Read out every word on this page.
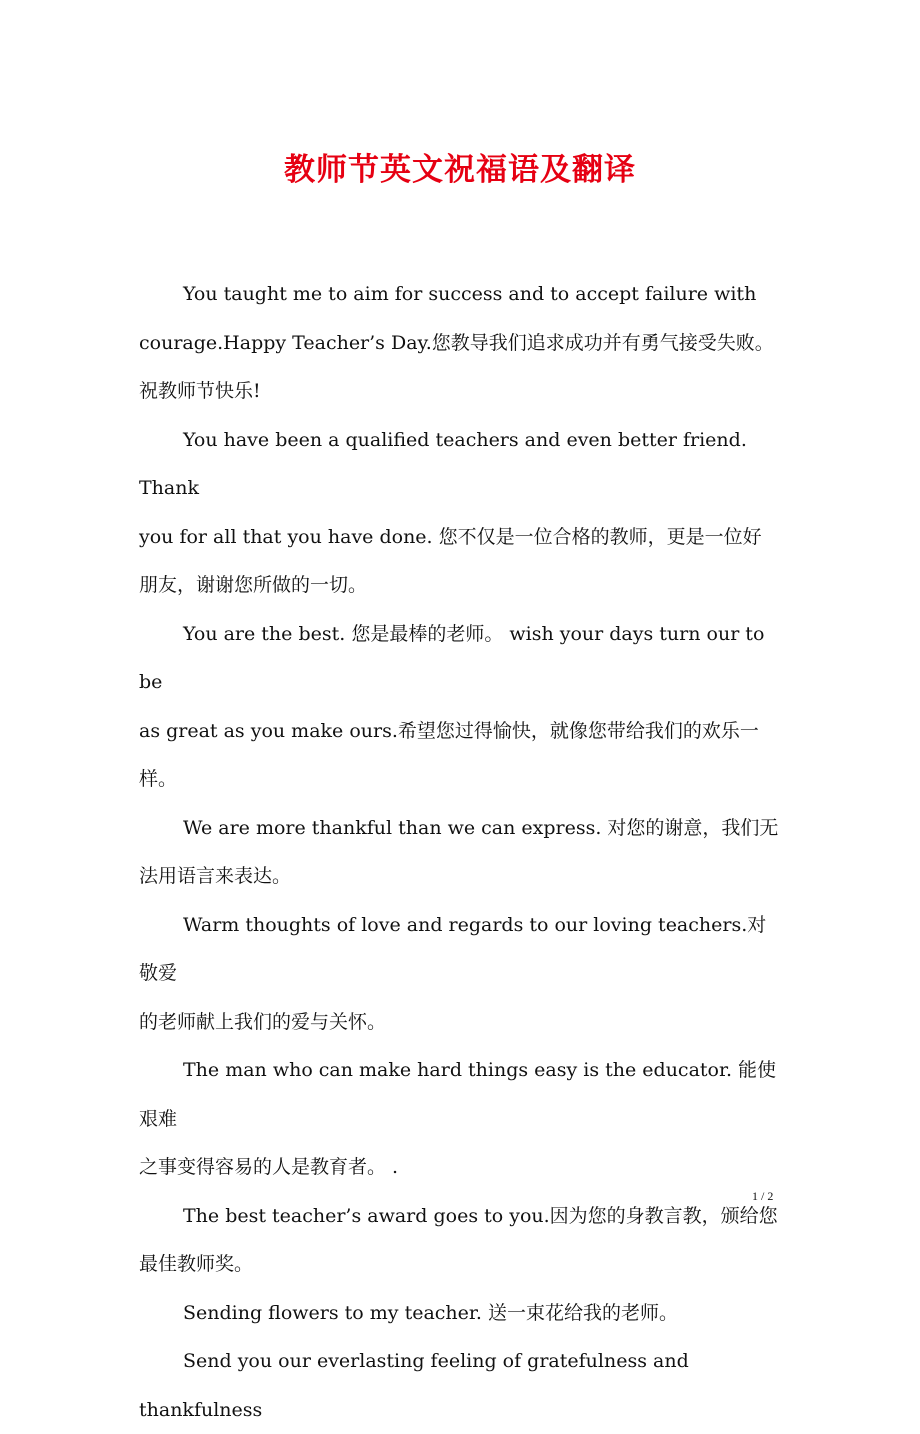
教师节英文祝福语及翻译

You taught me to aim for success and to accept failure with
courage.Happy Teacher’s Day.您教导我们追求成功并有勇气接受失败。
祝教师节快乐!

You have been a qualified teachers and even better friend. Thank
you for all that you have done. 您不仅是一位合格的教师，更是一位好
朋友，谢谢您所做的一切。

You are the best. 您是最棒的老师。 wish your days turn our to be
as great as you make ours.希望您过得愉快，就像您带给我们的欢乐一
样。

We are more thankful than we can express. 对您的谢意，我们无
法用语言来表达。

Warm thoughts of love and regards to our loving teachers.对敬爱
的老师献上我们的爱与关怀。

The man who can make hard things easy is the educator. 能使艰难
之事变得容易的人是教育者。 .

The best teacher’s award goes to you.因为您的身教言教，颁给您
最佳教师奖。

Sending flowers to my teacher. 送一束花给我的老师。

Send you our everlasting feeling of gratefulness and thankfulness

1 / 2
